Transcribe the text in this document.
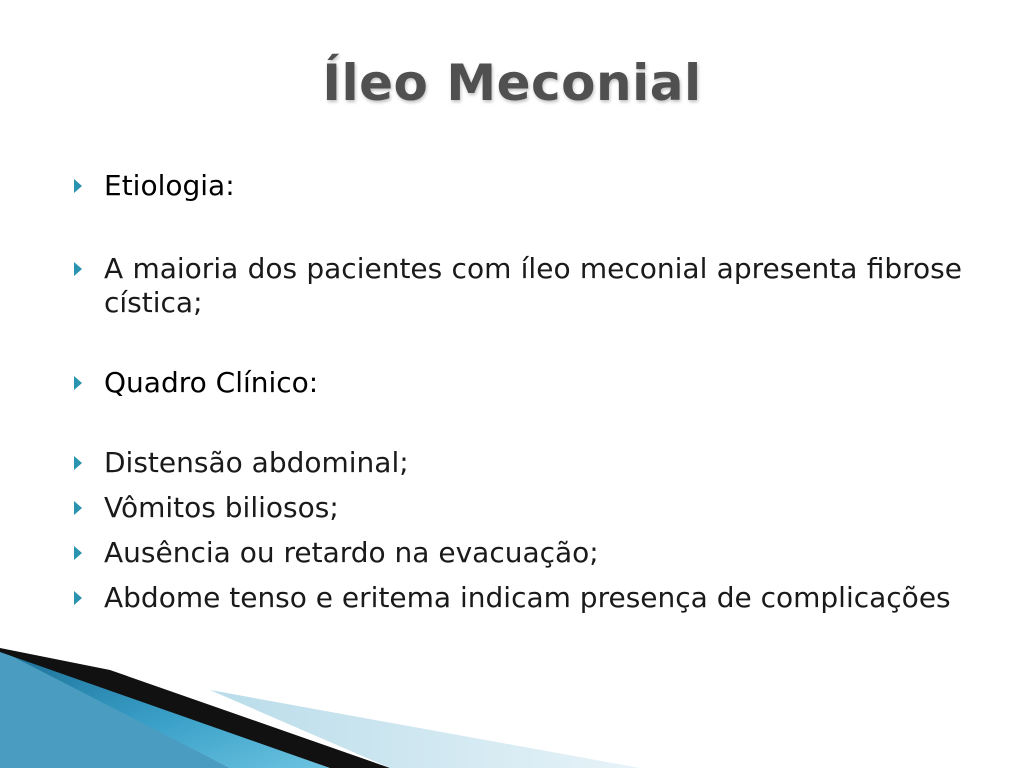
Íleo Meconial
Etiologia:
A maioria dos pacientes com íleo meconial apresenta fibrose cística;
Quadro Clínico:
Distensão abdominal;
Vômitos biliosos;
Ausência ou retardo na evacuação;
Abdome tenso e eritema indicam presença de complicações
